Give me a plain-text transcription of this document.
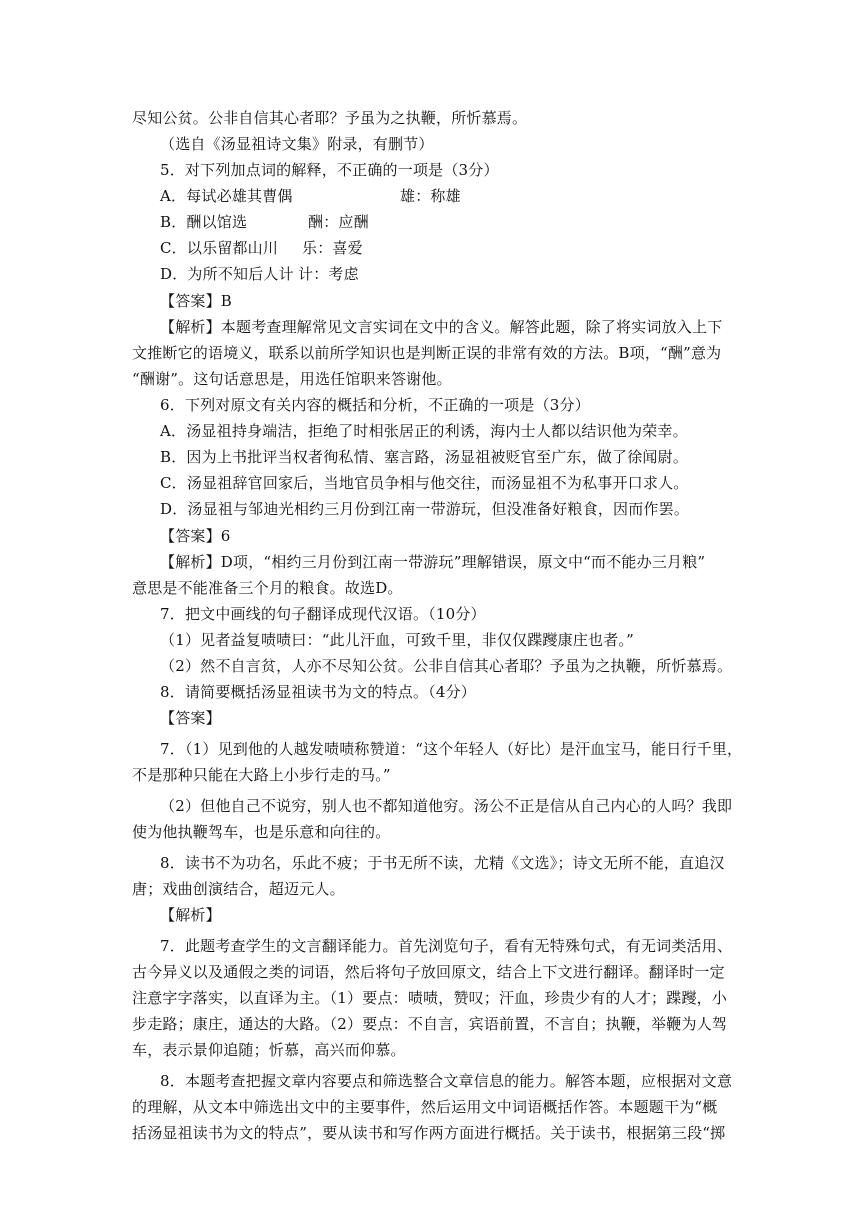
尽知公贫。公非自信其心者耶？予虽为之执鞭，所忻慕焉。
（选自《汤显祖诗文集》附录，有删节）
5．对下列加点词的解释，不正确的一项是（3分）
A．每试必雄其曹偶	雄：称雄
B．酬以馆选	酬：应酬
C．以乐留都山川 乐：喜爱
D．为所不知后人计 计：考虑
【答案】B
【解析】本题考查理解常见文言实词在文中的含义。解答此题，除了将实词放入上下
文推断它的语境义，联系以前所学知识也是判断正误的非常有效的方法。B项，“酬”意为
“酬谢”。这句话意思是，用选任馆职来答谢他。
6．下列对原文有关内容的概括和分析，不正确的一项是（3分）
A．汤显祖持身端洁，拒绝了时相张居正的利诱，海内士人都以结识他为荣幸。
B．因为上书批评当权者徇私情、塞言路，汤显祖被贬官至广东，做了徐闻尉。
C．汤显祖辞官回家后，当地官员争相与他交往，而汤显祖不为私事开口求人。
D．汤显祖与邹迪光相约三月份到江南一带游玩，但没准备好粮食，因而作罢。
【答案】6
【解析】D项，“相约三月份到江南一带游玩”理解错误，原文中“而不能办三月粮”
意思是不能准备三个月的粮食。故选D。
7．把文中画线的句子翻译成现代汉语。（10分）
（1）见者益复啧啧曰：“此儿汗血，可致千里，非仅仅蹀躞康庄也者。”
（2）然不自言贫，人亦不尽知公贫。公非自信其心者耶？予虽为之执鞭，所忻慕焉。
8．请简要概括汤显祖读书为文的特点。（4分）
【答案】
7．（1）见到他的人越发啧啧称赞道：“这个年轻人（好比）是汗血宝马，能日行千里，
不是那种只能在大路上小步行走的马。”
（2）但他自己不说穷，别人也不都知道他穷。汤公不正是信从自己内心的人吗？我即
使为他执鞭驾车，也是乐意和向往的。
8．读书不为功名，乐此不疲；于书无所不读，尤精《文选》；诗文无所不能，直追汉
唐；戏曲创演结合，超迈元人。
【解析】
7．此题考查学生的文言翻译能力。首先浏览句子，看有无特殊句式，有无词类活用、
古今异义以及通假之类的词语，然后将句子放回原文，结合上下文进行翻译。翻译时一定
注意字字落实，以直译为主。（1）要点：啧啧，赞叹；汗血，珍贵少有的人才；蹀躞，小
步走路；康庄，通达的大路。（2）要点：不自言，宾语前置，不言自；执鞭，举鞭为人驾
车，表示景仰追随；忻慕，高兴而仰慕。
8．本题考查把握文章内容要点和筛选整合文章信息的能力。解答本题，应根据对文意
的理解，从文本中筛选出文中的主要事件，然后运用文中词语概括作答。本题题干为“概
括汤显祖读书为文的特点”，要从读书和写作两方面进行概括。关于读书，根据第三段“掷
